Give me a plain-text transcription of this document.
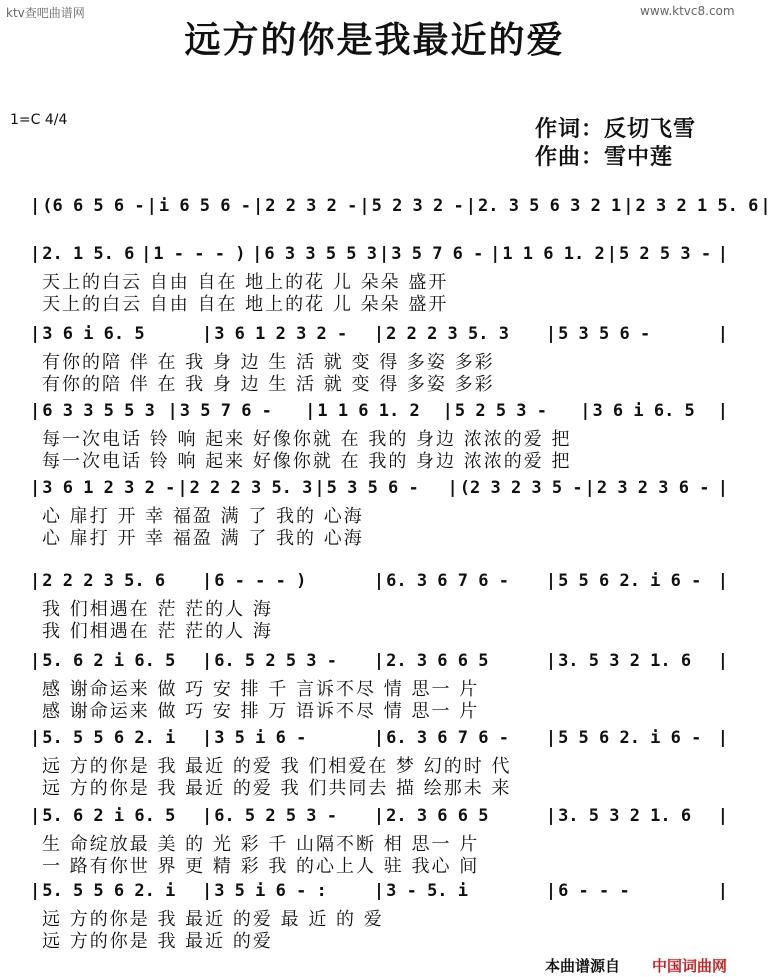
ktv查吧曲谱网	www.ktvc8.com
远方的你是我最近的爱
1=C 4/4	作词：反切飞雪
作曲：雪中莲
| (6 6 5 6 - | i 6 5 6 - | 2 2 3 2 - | 5 2 3 2 - | 2. 3 5 6 3 2 1 | 2 3 2 1 5. 6 |
| 2. 1 5. 6 | 1 - - - ) | 6 3 3 5 5 3 | 3 5 7 6 - | 1 1 6 1. 2 | 5 2 5 3 - |
天上的白云 自由 自在 地上的花 儿 朵朵 盛开
天上的白云 自由 自在 地上的花 儿 朵朵 盛开
| 3 6 i 6. 5	| 3 6 1 2 3 2 -	| 2 2 2 3 5. 3	| 5 3 5 6 -	|
有你的陪 伴 在 我 身 边 生 活 就 变 得 多姿 多彩
有你的陪 伴 在 我 身 边 生 活 就 变 得 多姿 多彩
| 6 3 3 5 5 3 | 3 5 7 6 -	| 1 1 6 1. 2	| 5 2 5 3 -	| 3 6 i 6. 5	|
每一次电话 铃 响 起来 好像你就 在 我的 身边 浓浓的爱 把
每一次电话 铃 响 起来 好像你就 在 我的 身边 浓浓的爱 把
| 3 6 1 2 3 2 - | 2 2 2 3 5. 3 | 5 3 5 6 -	| (2 3 2 3 5 - | 2 3 2 3 6 - |
心 扉打 开 幸 福盈 满 了 我的 心海
心 扉打 开 幸 福盈 满 了 我的 心海
| 2 2 2 3 5. 6	| 6 - - - )	| 6. 3 6 7 6 -	| 5 5 6 2. i 6 - |
我 们相遇在 茫 茫的人 海
我 们相遇在 茫 茫的人 海
| 5. 6 2 i 6. 5	| 6. 5 2 5 3 -	| 2. 3 6 6 5	| 3. 5 3 2 1. 6	|
感 谢命运来 做 巧 安 排 千 言诉不尽 情 思一 片
感 谢命运来 做 巧 安 排 万 语诉不尽 情 思一 片
| 5. 5 5 6 2. i	| 3 5 i 6 -	| 6. 3 6 7 6 -	| 5 5 6 2. i 6 - |
远 方的你是 我 最近 的爱 我 们相爱在 梦 幻的时 代
远 方的你是 我 最近 的爱 我 们共同去 描 绘那未 来
| 5. 6 2 i 6. 5	| 6. 5 2 5 3 -	| 2. 3 6 6 5	| 3. 5 3 2 1. 6	|
生 命绽放最 美 的 光 彩 千 山隔不断 相 思一 片
一 路有你世 界 更 精 彩 我 的心上人 驻 我心 间
| 5. 5 5 6 2. i	| 3 5 i 6 - :	| 3 - 5. i	| 6 - - -	|
远 方的你是 我 最近 的爱 最 近 的 爱
远 方的你是 我 最近 的爱
本曲谱源自 中国词曲网
